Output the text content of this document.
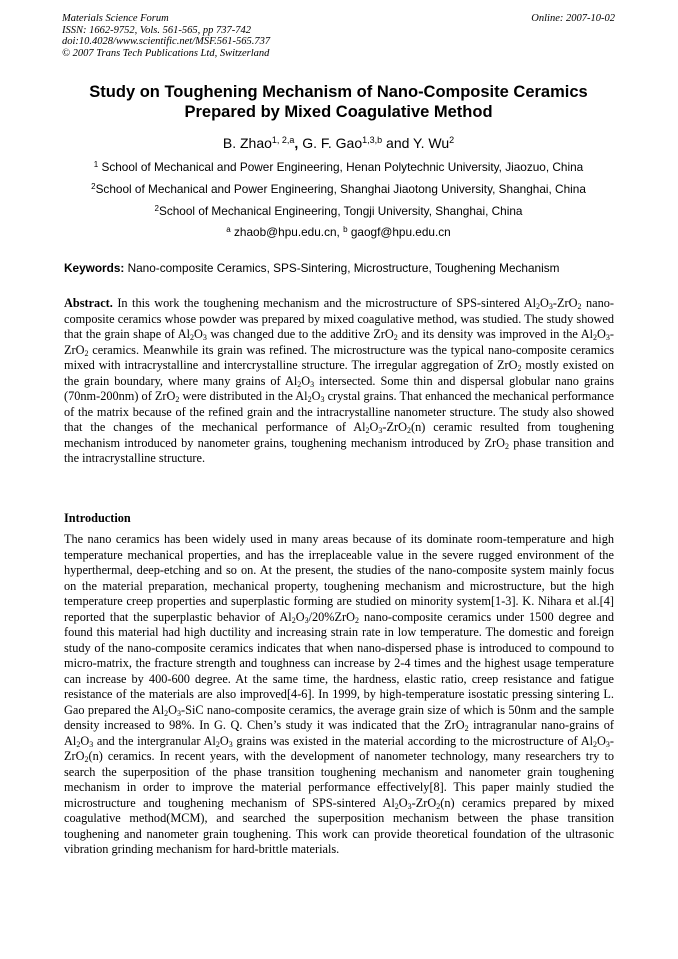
Materials Science Forum
ISSN: 1662-9752, Vols. 561-565, pp 737-742
doi:10.4028/www.scientific.net/MSF.561-565.737
© 2007 Trans Tech Publications Ltd, Switzerland
Online: 2007-10-02
Study on Toughening Mechanism of Nano-Composite Ceramics
Prepared by Mixed Coagulative Method
B. Zhao$^{1, 2,a}$, G. F. Gao$^{1,3,b}$ and Y. Wu$^2$
$^1$ School of Mechanical and Power Engineering, Henan Polytechnic University, Jiaozuo, China
$^2$School of Mechanical and Power Engineering, Shanghai Jiaotong University, Shanghai, China
$^2$School of Mechanical Engineering, Tongji University, Shanghai, China
$^a$ zhaob@hpu.edu.cn, $^b$ gaogf@hpu.edu.cn
Keywords: Nano-composite Ceramics, SPS-Sintering, Microstructure, Toughening Mechanism
Abstract. In this work the toughening mechanism and the microstructure of SPS-sintered $Al_2O_3-ZrO_2$ nano-composite ceramics whose powder was prepared by mixed coagulative method, was studied. The study showed that the grain shape of $Al_2O_3$ was changed due to the additive ZrO$_2$ and its density was improved in the $Al_2O_3-$ ZrO$_2$ ceramics. Meanwhile its grain was refined. The microstructure was the typical nano-composite ceramics mixed with intracrystalline and intercrystalline structure. The irregular aggregation of ZrO$_2$ mostly existed on the grain boundary, where many grains of $Al_2O_3$ intersected. Some thin and dispersal globular nano grains (70nm-200nm) of ZrO$_2$ were distributed in the $Al_2O_3$ crystal grains. That enhanced the mechanical performance of the matrix because of the refined grain and the intracrystalline nanometer structure. The study also showed that the changes of the mechanical performance of $Al_2O_3-ZrO_2(n)$ ceramic resulted from toughening mechanism introduced by nanometer grains, toughening mechanism introduced by ZrO$_2$ phase transition and the intracrystalline structure.
Introduction
The nano ceramics has been widely used in many areas because of its dominate room-temperature and high temperature mechanical properties, and has the irreplaceable value in the severe rugged environment of the hyperthermal, deep-etching and so on. At the present, the studies of the nano-composite system mainly focus on the material preparation, mechanical property, toughening mechanism and microstructure, but the high temperature creep properties and superplastic forming are studied on minority system[1-3]. K. Nihara et al.[4] reported that the superplastic behavior of $Al_2O_3/20\%ZrO_2$ nano-composite ceramics under 1500 degree and found this material had high ductility and increasing strain rate in low temperature. The domestic and foreign study of the nano-composite ceramics indicates that when nano-dispersed phase is introduced to compound to micro-matrix, the fracture strength and toughness can increase by 2-4 times and the highest usage temperature can increase by 400-600 degree. At the same time, the hardness, elastic ratio, creep resistance and fatigue resistance of the materials are also improved[4-6]. In 1999, by high-temperature isostatic pressing sintering L. Gao prepared the $Al_2O_3$-SiC nano-composite ceramics, the average grain size of which is 50nm and the sample density increased to 98%. In G. Q. Chen’s study it was indicated that the ZrO$_2$ intragranular nano-grains of $Al_2O_3$ and the intergranular $Al_2O_3$ grains was existed in the material according to the microstructure of $Al_2O_3-ZrO_2(n)$ ceramics. In recent years, with the development of nanometer technology, many researchers try to search the superposition of the phase transition toughening mechanism and nanometer grain toughening mechanism in order to improve the material performance effectively[8]. This paper mainly studied the microstructure and toughening mechanism of SPS-sintered $Al_2O_3-ZrO_2(n)$ ceramics prepared by mixed coagulative method(MCM), and searched the superposition mechanism between the phase transition toughening and nanometer grain toughening. This work can provide theoretical foundation of the ultrasonic vibration grinding mechanism for hard-brittle materials.
